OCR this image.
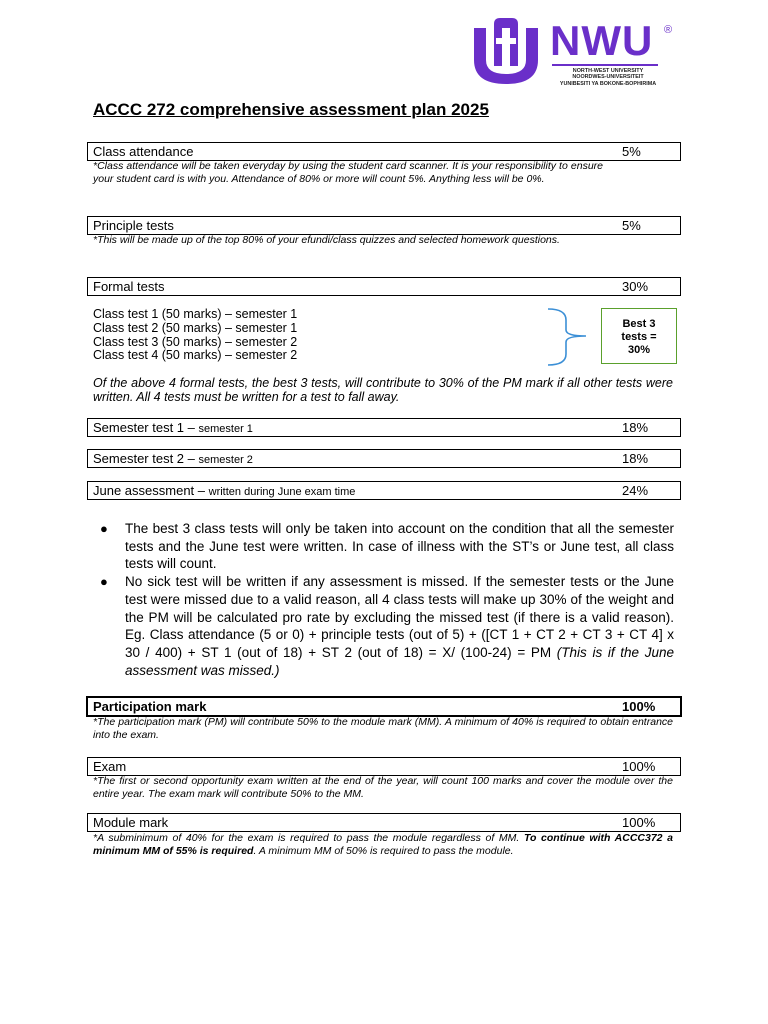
NWU ®
NORTH-WEST UNIVERSITY
NOORDWES-UNIVERSITEIT
YUNIBESITI YA BOKONE-BOPHIRIMA
ACCC 272 comprehensive assessment plan 2025
Class attendance	5%
*Class attendance will be taken everyday by using the student card scanner. It is your responsibility to ensure your student card is with you. Attendance of 80% or more will count 5%. Anything less will be 0%.
Principle tests	5%
*This will be made up of the top 80% of your efundi/class quizzes and selected homework questions.
Formal tests	30%
Class test 1 (50 marks) – semester 1
Class test 2 (50 marks) – semester 1
Class test 3 (50 marks) – semester 2
Class test 4 (50 marks) – semester 2
Best 3
tests =
30%
Of the above 4 formal tests, the best 3 tests, will contribute to 30% of the PM mark if all other tests were written. All 4 tests must be written for a test to fall away.
Semester test 1 – semester 1	18%
Semester test 2 – semester 2	18%
June assessment – written during June exam time	24%
● The best 3 class tests will only be taken into account on the condition that all the semester tests and the June test were written. In case of illness with the ST’s or June test, all class tests will count.
● No sick test will be written if any assessment is missed. If the semester tests or the June test were missed due to a valid reason, all 4 class tests will make up 30% of the weight and the PM will be calculated pro rate by excluding the missed test (if there is a valid reason). Eg. Class attendance (5 or 0) + principle tests (out of 5) + ([CT 1 + CT 2 + CT 3 + CT 4] x 30 / 400) + ST 1 (out of 18) + ST 2 (out of 18) = X/ (100-24) = PM (This is if the June assessment was missed.)
Participation mark	100%
*The participation mark (PM) will contribute 50% to the module mark (MM). A minimum of 40% is required to obtain entrance into the exam.
Exam	100%
*The first or second opportunity exam written at the end of the year, will count 100 marks and cover the module over the entire year. The exam mark will contribute 50% to the MM.
Module mark	100%
*A subminimum of 40% for the exam is required to pass the module regardless of MM. To continue with ACCC372 a minimum MM of 55% is required. A minimum MM of 50% is required to pass the module.
